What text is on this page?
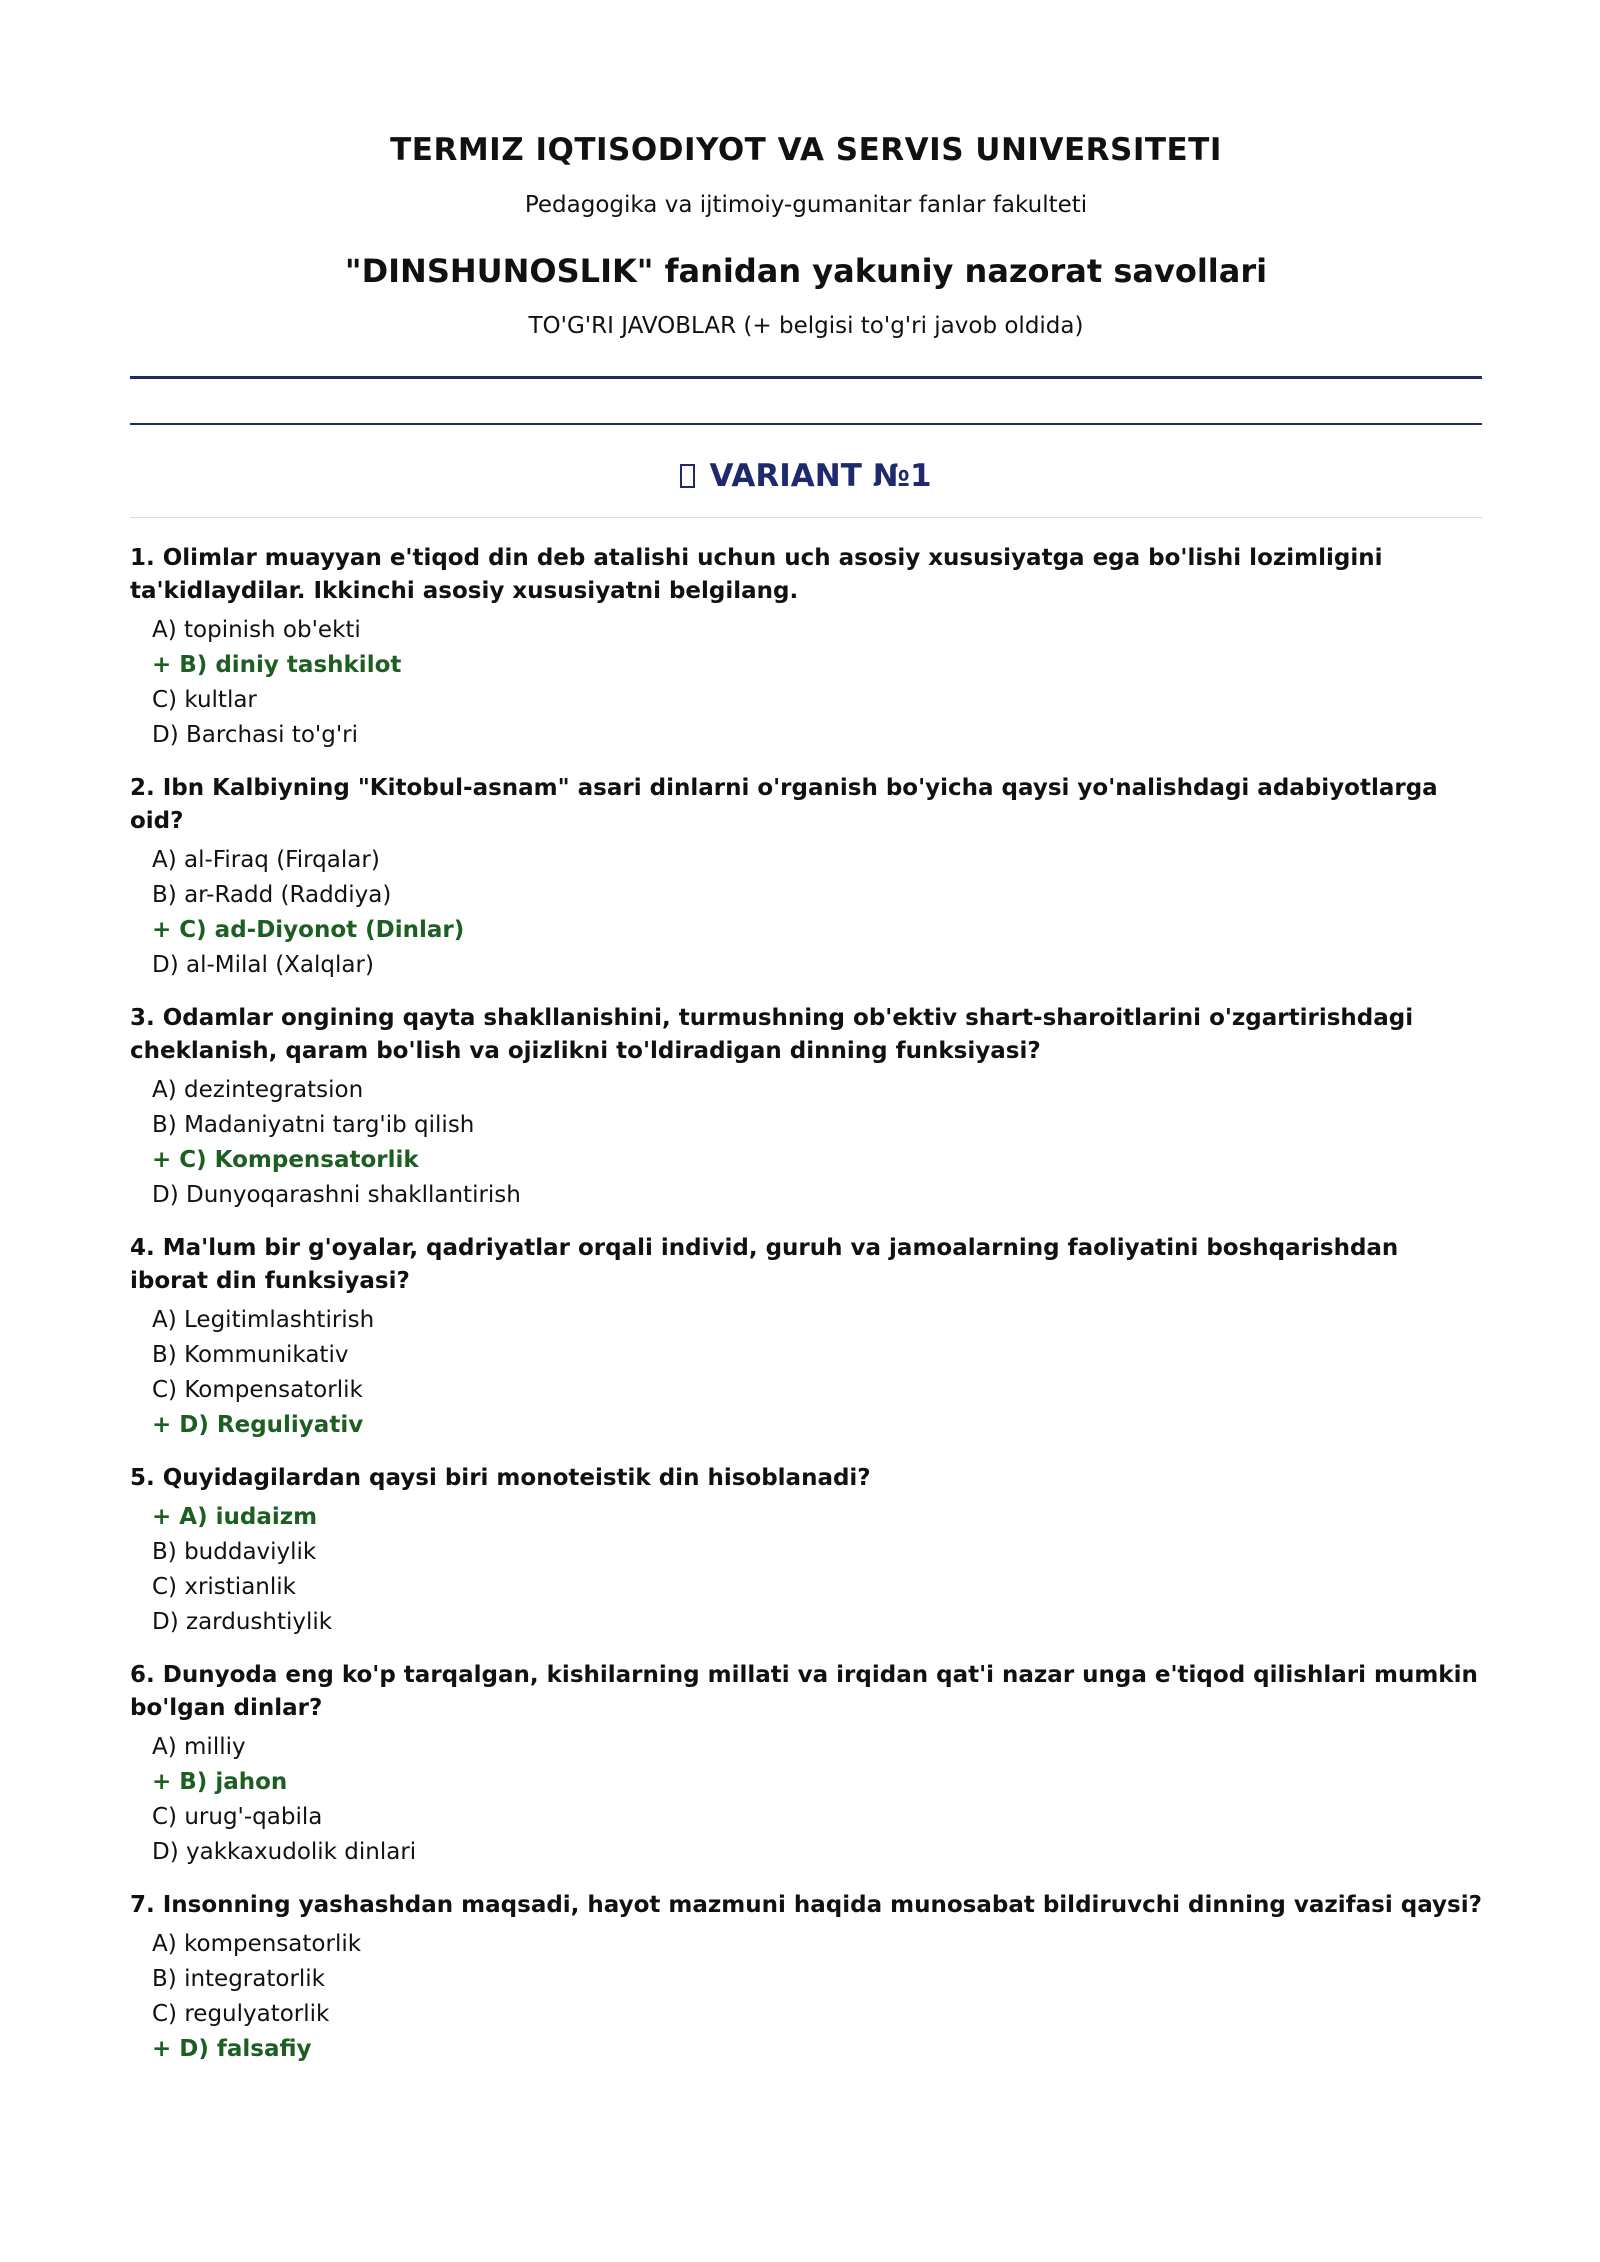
TERMIZ IQTISODIYOT VA SERVIS UNIVERSITETI
Pedagogika va ijtimoiy-gumanitar fanlar fakulteti
"DINSHUNOSLIK" fanidan yakuniy nazorat savollari
TO'G'RI JAVOBLAR (+ belgisi to'g'ri javob oldida)
VARIANT №1

1. Olimlar muayyan e'tiqod din deb atalishi uchun uch asosiy xususiyatga ega bo'lishi lozimligini ta'kidlaydilar. Ikkinchi asosiy xususiyatni belgilang.

A) topinish ob'ekti
+ B) diniy tashkilot
C) kultlar
D) Barchasi to'g'ri

2. Ibn Kalbiyning "Kitobul-asnam" asari dinlarni o'rganish bo'yicha qaysi yo'nalishdagi adabiyotlarga oid?

A) al-Firaq (Firqalar)
B) ar-Radd (Raddiya)
+ C) ad-Diyonot (Dinlar)
D) al-Milal (Xalqlar)

3. Odamlar ongining qayta shakllanishini, turmushning ob'ektiv shart-sharoitlarini o'zgartirishdagi cheklanish, qaram bo'lish va ojizlikni to'ldiradigan dinning funksiyasi?

A) dezintegratsion
B) Madaniyatni targ'ib qilish
+ C) Kompensatorlik
D) Dunyoqarashni shakllantirish

4. Ma'lum bir g'oyalar, qadriyatlar orqali individ, guruh va jamoalarning faoliyatini boshqarishdan iborat din funksiyasi?

A) Legitimlashtirish
B) Kommunikativ
C) Kompensatorlik
+ D) Reguliyativ

5. Quyidagilardan qaysi biri monoteistik din hisoblanadi?

+ A) iudaizm
B) buddaviylik
C) xristianlik
D) zardushtiylik

6. Dunyoda eng ko'p tarqalgan, kishilarning millati va irqidan qat'i nazar unga e'tiqod qilishlari mumkin bo'lgan dinlar?

A) milliy
+ B) jahon
C) urug'-qabila
D) yakkaxudolik dinlari

7. Insonning yashashdan maqsadi, hayot mazmuni haqida munosabat bildiruvchi dinning vazifasi qaysi?

A) kompensatorlik
B) integratorlik
C) regulyatorlik
+ D) falsafiy
